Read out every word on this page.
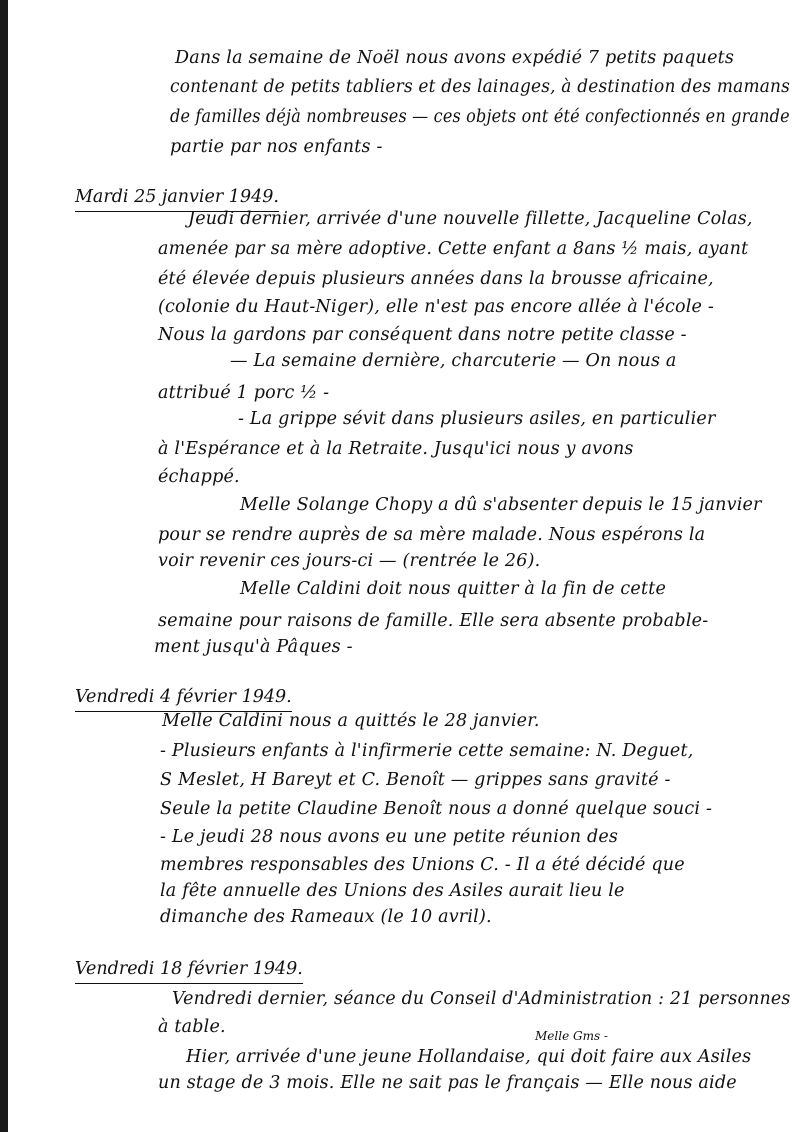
Dans la semaine de Noël nous avons expédié 7 petits paquets
contenant de petits tabliers et des lainages, à destination des mamans
de familles déjà nombreuses — ces objets ont été confectionnés en grande
partie par nos enfants -
Mardi 25 janvier 1949.
Jeudi dernier, arrivée d'une nouvelle fillette, Jacqueline Colas,
amenée par sa mère adoptive. Cette enfant a 8ans ½ mais, ayant
été élevée depuis plusieurs années dans la brousse africaine,
(colonie du Haut-Niger), elle n'est pas encore allée à l'école -
Nous la gardons par conséquent dans notre petite classe -
— La semaine dernière, charcuterie — On nous a
attribué 1 porc ½ -
- La grippe sévit dans plusieurs asiles, en particulier
à l'Espérance et à la Retraite. Jusqu'ici nous y avons
échappé.
Melle Solange Chopy a dû s'absenter depuis le 15 janvier
pour se rendre auprès de sa mère malade. Nous espérons la
voir revenir ces jours-ci — (rentrée le 26).
Melle Caldini doit nous quitter à la fin de cette
semaine pour raisons de famille. Elle sera absente probable-
ment jusqu'à Pâques -
Vendredi 4 février 1949.
Melle Caldini nous a quittés le 28 janvier.
- Plusieurs enfants à l'infirmerie cette semaine: N. Deguet,
S Meslet, H Bareyt et C. Benoît — grippes sans gravité -
Seule la petite Claudine Benoît nous a donné quelque souci -
- Le jeudi 28 nous avons eu une petite réunion des
membres responsables des Unions C. - Il a été décidé que
la fête annuelle des Unions des Asiles aurait lieu le
dimanche des Rameaux (le 10 avril).
Vendredi 18 février 1949.
Vendredi dernier, séance du Conseil d'Administration : 21 personnes
à table.	Melle Gms -
Hier, arrivée d'une jeune Hollandaise, qui doit faire aux Asiles
un stage de 3 mois. Elle ne sait pas le français — Elle nous aide
